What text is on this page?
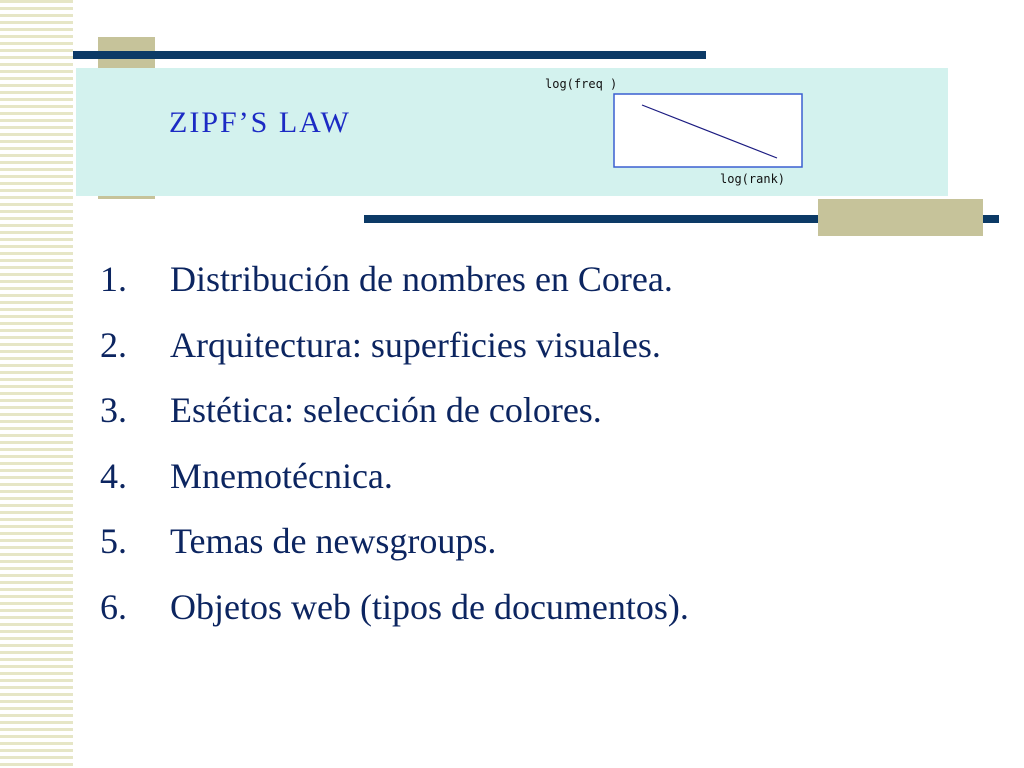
ZIPF’S LAW
log(freq )
log(rank)
1.	Distribución de nombres en Corea.
2.	Arquitectura: superficies visuales.
3.	Estética: selección de colores.
4.	Mnemotécnica.
5.	Temas de newsgroups.
6.	Objetos web (tipos de documentos).
